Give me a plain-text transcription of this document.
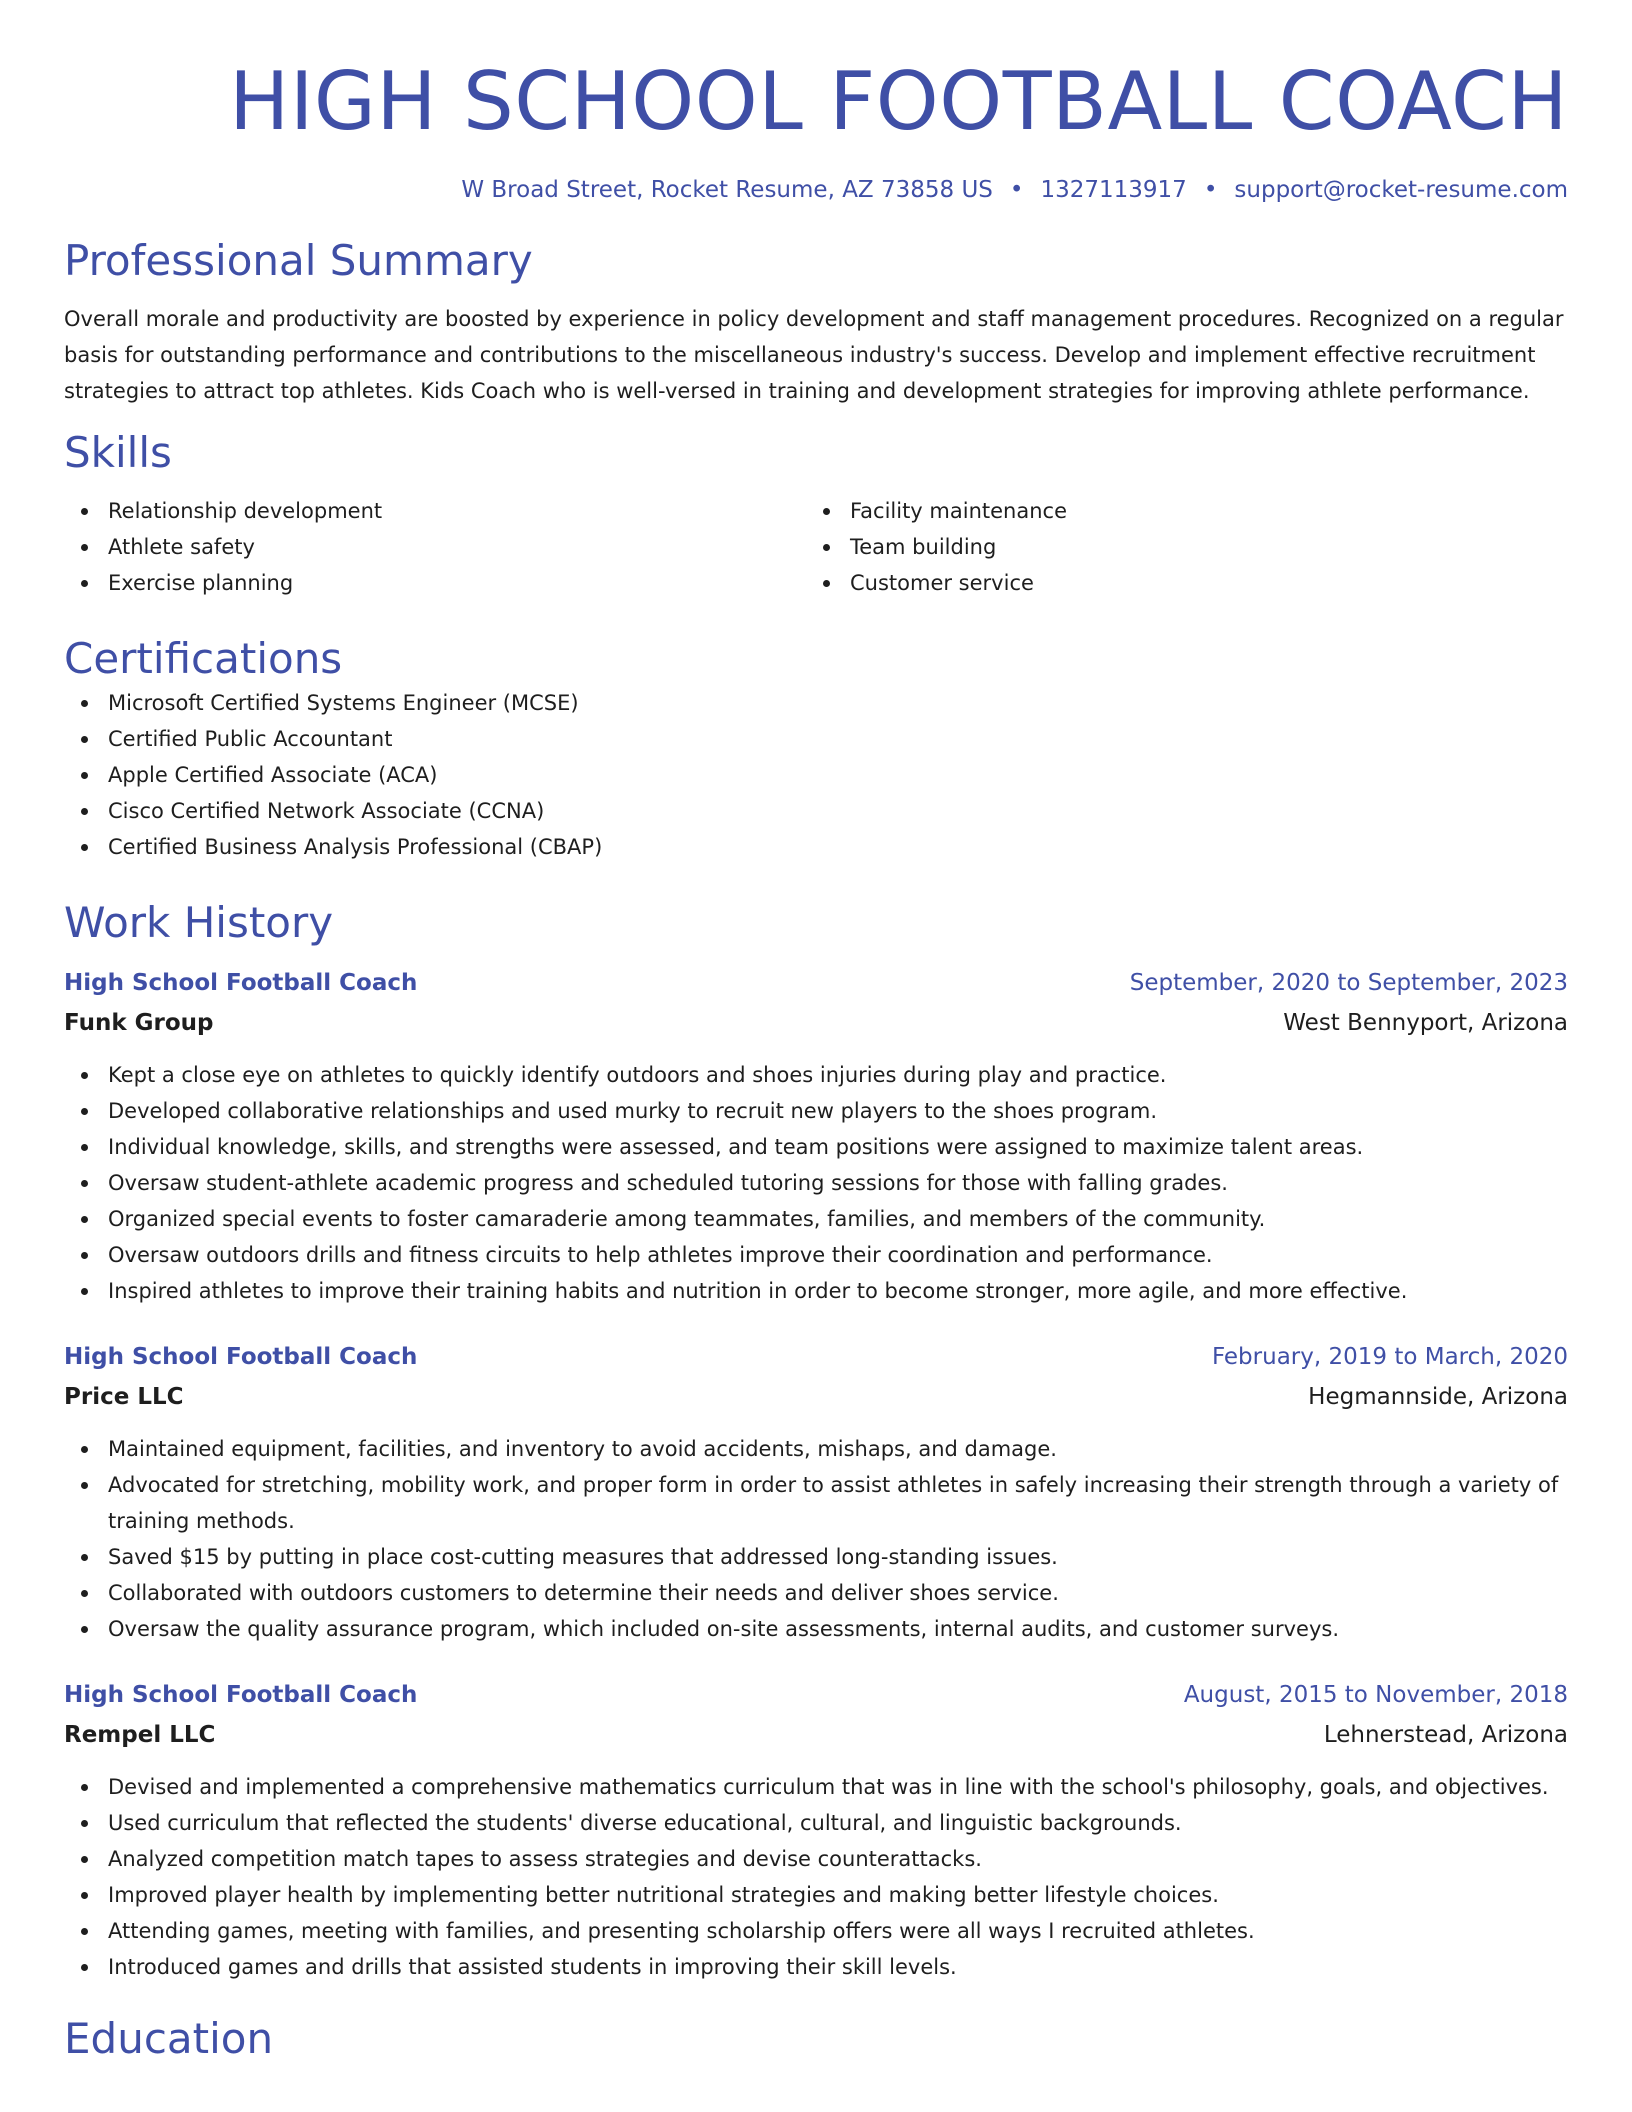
HIGH SCHOOL FOOTBALL COACH
W Broad Street, Rocket Resume, AZ 73858 US • 1327113917 • support@rocket-resume.com
Professional Summary
Overall morale and productivity are boosted by experience in policy development and staff management procedures. Recognized on a regular basis for outstanding performance and contributions to the miscellaneous industry's success. Develop and implement effective recruitment strategies to attract top athletes. Kids Coach who is well-versed in training and development strategies for improving athlete performance.
Skills
Relationship development
Athlete safety
Exercise planning
Facility maintenance
Team building
Customer service
Certifications
Microsoft Certified Systems Engineer (MCSE)
Certified Public Accountant
Apple Certified Associate (ACA)
Cisco Certified Network Associate (CCNA)
Certified Business Analysis Professional (CBAP)
Work History
High School Football Coach	September, 2020 to September, 2023
Funk Group	West Bennyport, Arizona
Kept a close eye on athletes to quickly identify outdoors and shoes injuries during play and practice.
Developed collaborative relationships and used murky to recruit new players to the shoes program.
Individual knowledge, skills, and strengths were assessed, and team positions were assigned to maximize talent areas.
Oversaw student-athlete academic progress and scheduled tutoring sessions for those with falling grades.
Organized special events to foster camaraderie among teammates, families, and members of the community.
Oversaw outdoors drills and fitness circuits to help athletes improve their coordination and performance.
Inspired athletes to improve their training habits and nutrition in order to become stronger, more agile, and more effective.
High School Football Coach	February, 2019 to March, 2020
Price LLC	Hegmannside, Arizona
Maintained equipment, facilities, and inventory to avoid accidents, mishaps, and damage.
Advocated for stretching, mobility work, and proper form in order to assist athletes in safely increasing their strength through a variety of training methods.
Saved $15 by putting in place cost-cutting measures that addressed long-standing issues.
Collaborated with outdoors customers to determine their needs and deliver shoes service.
Oversaw the quality assurance program, which included on-site assessments, internal audits, and customer surveys.
High School Football Coach	August, 2015 to November, 2018
Rempel LLC	Lehnerstead, Arizona
Devised and implemented a comprehensive mathematics curriculum that was in line with the school's philosophy, goals, and objectives.
Used curriculum that reflected the students' diverse educational, cultural, and linguistic backgrounds.
Analyzed competition match tapes to assess strategies and devise counterattacks.
Improved player health by implementing better nutritional strategies and making better lifestyle choices.
Attending games, meeting with families, and presenting scholarship offers were all ways I recruited athletes.
Introduced games and drills that assisted students in improving their skill levels.
Education
